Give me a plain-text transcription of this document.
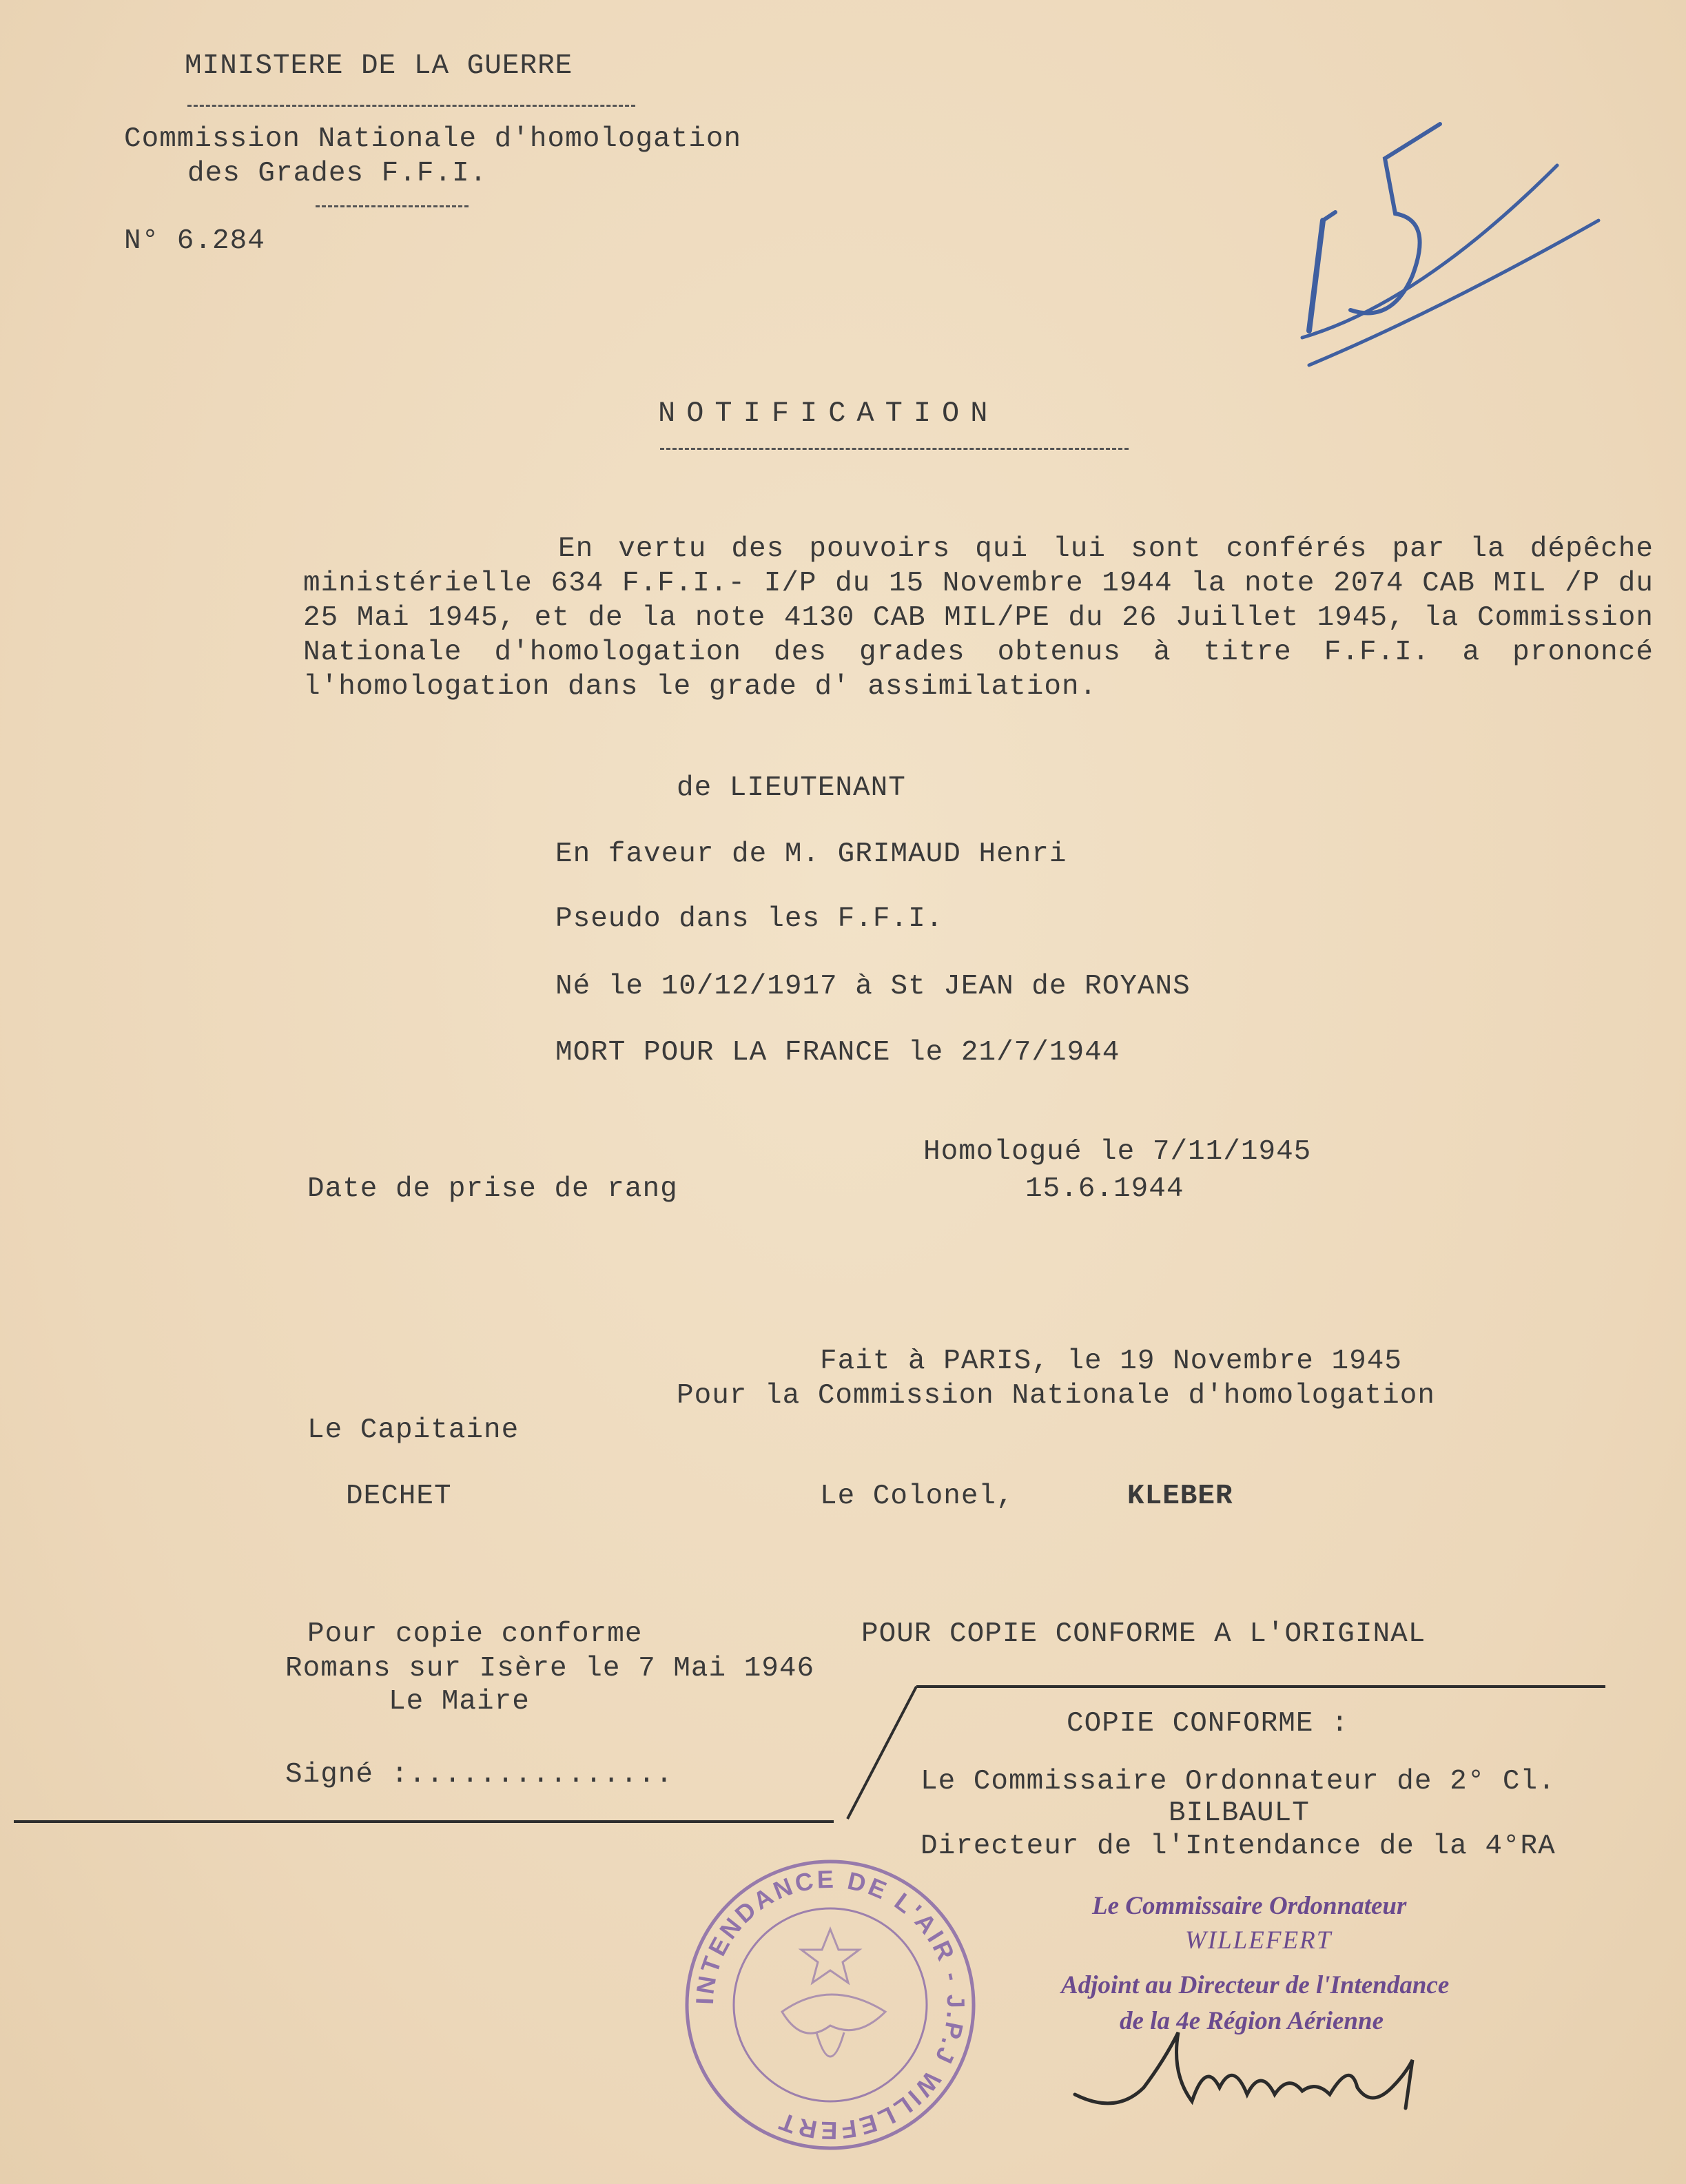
MINISTERE DE LA GUERRE
Commission Nationale d'homologation
des Grades F.F.I.
N° 6.284
15
NOTIFICATION
En vertu des pouvoirs qui lui sont conférés par la dépêche ministérielle 634 F.F.I.- I/P du 15 Novembre 1944 la note 2074 CAB MIL /P du 25 Mai 1945, et de la note 4130 CAB MIL/PE du 26 Juillet 1945, la Commission Nationale d'homologation des grades obtenus à titre F.F.I. a prononcé l'homologation dans le grade d' assimilation.
de LIEUTENANT
En faveur de M. GRIMAUD Henri
Pseudo dans les F.F.I.
Né le 10/12/1917 à St JEAN de ROYANS
MORT POUR LA FRANCE le 21/7/1944
Homologué le 7/11/1945
Date de prise de rang	15.6.1944
Fait à PARIS, le 19 Novembre 1945
Pour la Commission Nationale d'homologation
Le Capitaine
DECHET	Le Colonel,	KLEBER
Pour copie conforme
Romans sur Isère le 7 Mai 1946
Le Maire
Signé :...............
POUR COPIE CONFORME A L'ORIGINAL
COPIE CONFORME :
Le Commissaire Ordonnateur de 2° Cl.
BILBAULT
Directeur de l'Intendance de la 4°RA
INTENDANCE DE L'AIR - J.P.J WILLEFERT
Le Commissaire Ordonnateur
WILLEFERT
Adjoint au Directeur de l'Intendance
de la 4e Région Aérienne
